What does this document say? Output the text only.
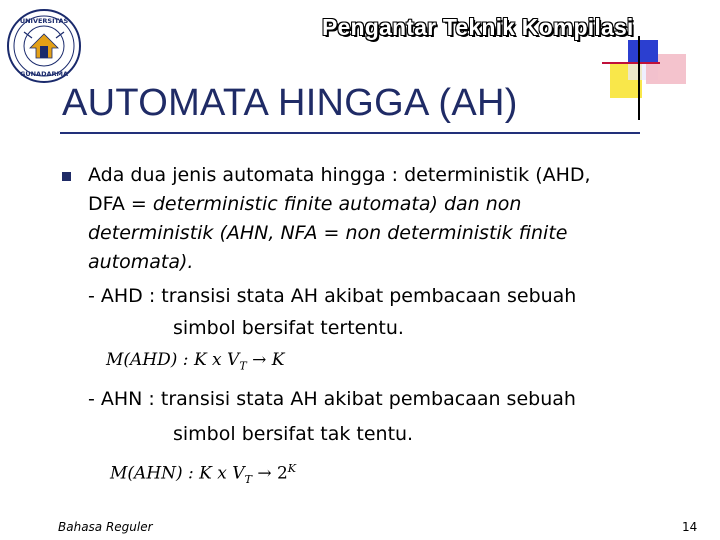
UNIVERSITAS
GUNADARMA
Pengantar Teknik Kompilasi
AUTOMATA HINGGA (AH)
Ada dua jenis automata hingga : deterministik (AHD,
DFA = deterministic finite automata) dan non
deterministik (AHN, NFA = non deterministik finite
automata).
- AHD : transisi stata AH akibat pembacaan sebuah
simbol bersifat tertentu.
M(AHD) : K x $V_T \to K$
- AHN : transisi stata AH akibat pembacaan sebuah
simbol bersifat tak tentu.
M(AHN) : K x $V_T \to 2^K$
Bahasa Reguler	14
